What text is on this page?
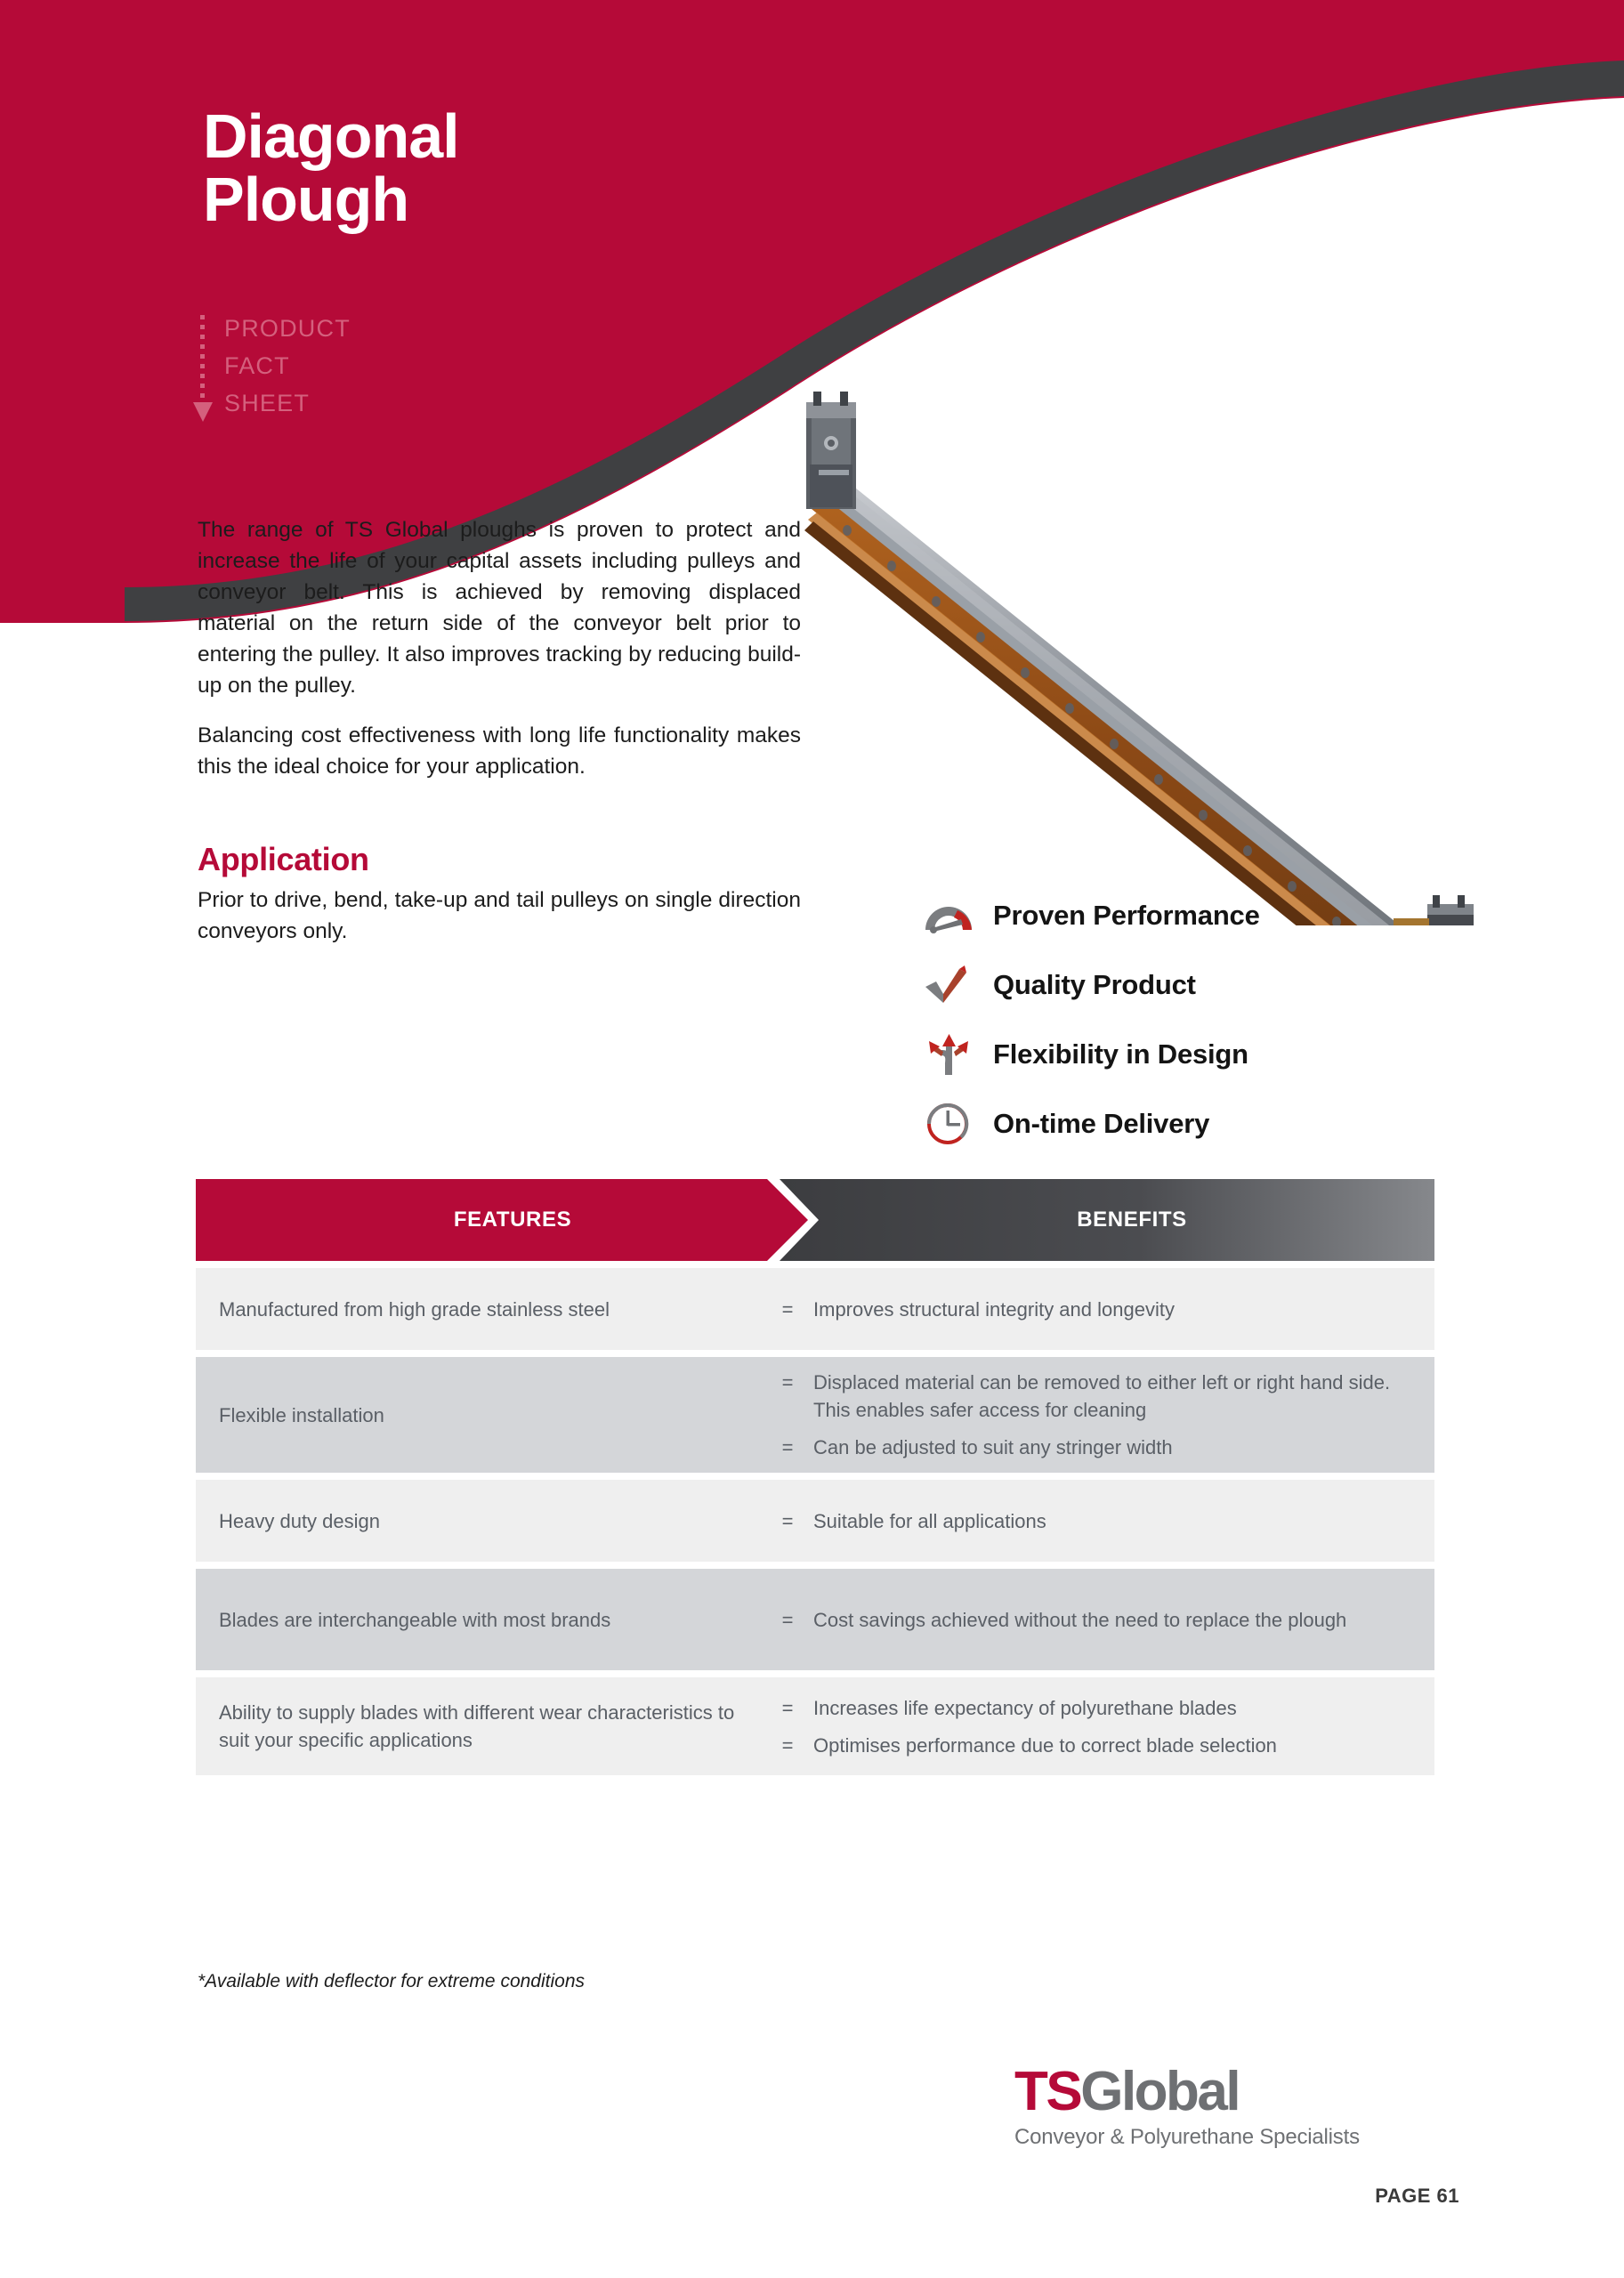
Diagonal
Plough
PRODUCT
FACT
SHEET

The range of TS Global ploughs is proven to protect and increase the life of your capital assets including pulleys and conveyor belt. This is achieved by removing displaced material on the return side of the conveyor belt prior to entering the pulley. It also improves tracking by reducing build-up on the pulley.

Balancing cost effectiveness with long life functionality makes this the ideal choice for your application.

Application
Prior to drive, bend, take-up and tail pulleys on single direction conveyors only.
Proven Performance
Quality Product
Flexibility in Design
On-time Delivery
FEATURES	BENEFITS
Manufactured from high grade stainless steel	=	Improves structural integrity and longevity
Flexible installation
=	Displaced material can be removed to either left or right hand side. This enables safer access for cleaning
=	Can be adjusted to suit any stringer width
Heavy duty design	=	Suitable for all applications
Blades are interchangeable with most brands	=	Cost savings achieved without the need to replace the plough
Ability to supply blades with different wear characteristics to suit your specific applications
=	Increases life expectancy of polyurethane blades
=	Optimises performance due to correct blade selection
*Available with deflector for extreme conditions
TSGlobal
Conveyor & Polyurethane Specialists
PAGE 61
